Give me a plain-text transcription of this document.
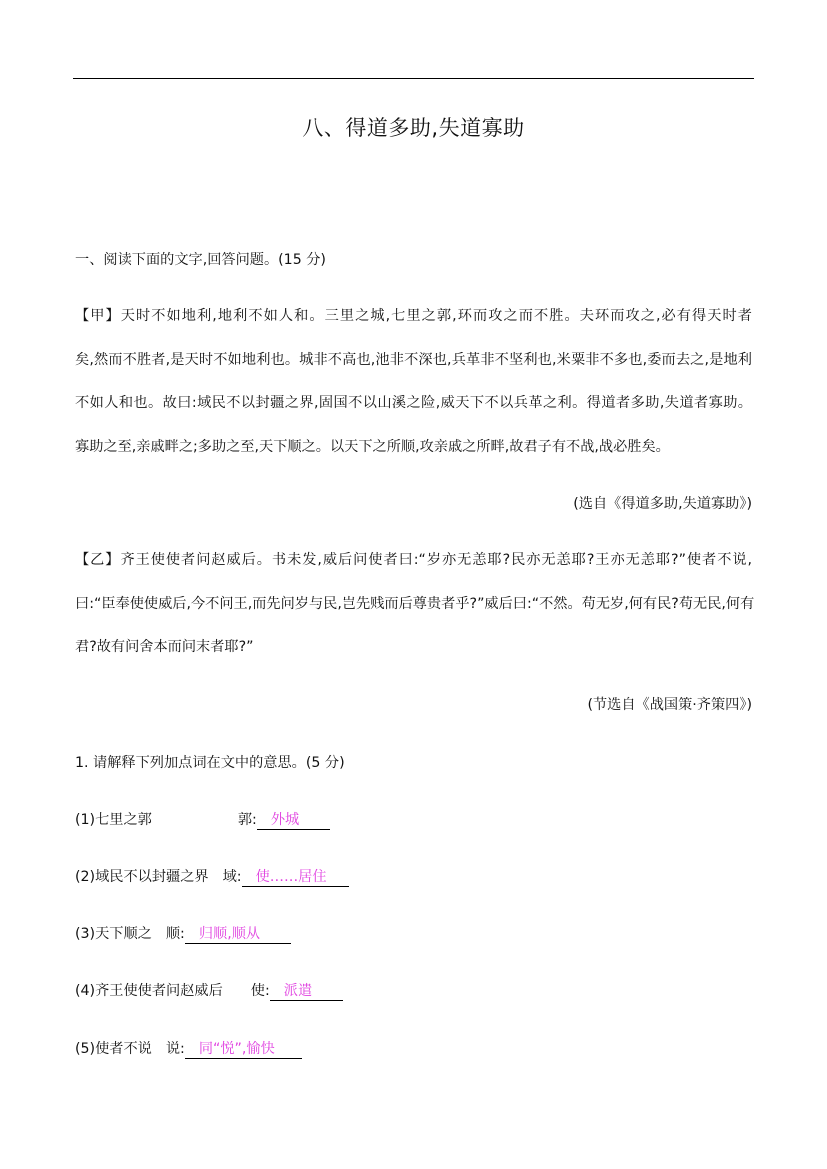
八、得道多助,失道寡助
一、阅读下面的文字,回答问题。(15 分)

【甲】天时不如地利,地利不如人和。三里之城,七里之郭,环而攻之而不胜。夫环而攻之,必有得天时者

矣,然而不胜者,是天时不如地利也。城非不高也,池非不深也,兵革非不坚利也,米粟非不多也,委而去之,是地利

不如人和也。故曰:域民不以封疆之界,固国不以山溪之险,威天下不以兵革之利。得道者多助,失道者寡助。

寡助之至,亲戚畔之;多助之至,天下顺之。以天下之所顺,攻亲戚之所畔,故君子有不战,战必胜矣。

(选自《得道多助,失道寡助》)

【乙】齐王使使者问赵威后。书未发,威后问使者曰:“岁亦无恙耶?民亦无恙耶?王亦无恙耶?”使者不说,

曰:“臣奉使使威后,今不问王,而先问岁与民,岂先贱而后尊贵者乎?”威后曰:“不然。苟无岁,何有民?苟无民,何有

君?故有问舍本而问末者耶?”

(节选自《战国策·齐策四》)
1. 请解释下列加点词在文中的意思。(5 分)
(1)七里之郭	郭: 外城
(2)域民不以封疆之界 域: 使……居住
(3)天下顺之 顺: 归顺,顺从
(4)齐王使使者问赵威后 使: 派遣
(5)使者不说 说: 同“悦”,愉快
